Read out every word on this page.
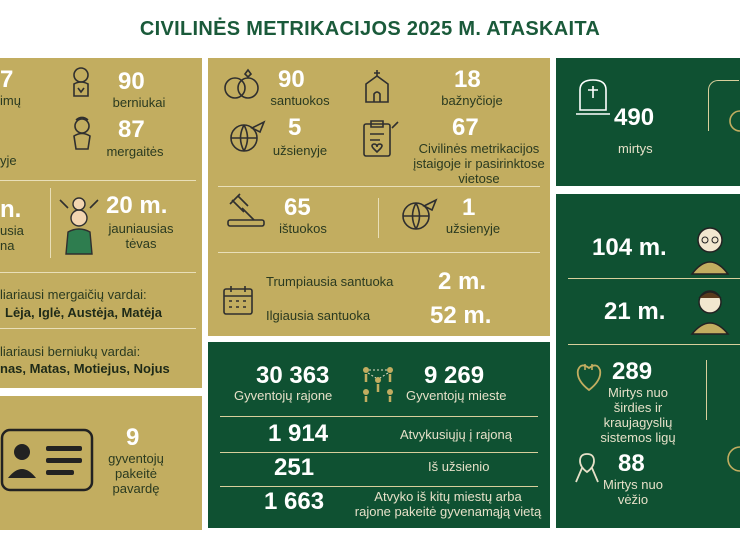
CIVILINĖS METRIKACIJOS 2025 M. ATASKAITA
7
imų
90
berniukai
87
mergaitės
yje
n.
usia
na
20 m.
jauniausias
tėvas
liariausi mergaičių vardai:
Lėja, Iglė, Austėja, Matėja
liariausi berniukų vardai:
nas, Matas, Motiejus, Nojus
9
gyventojų
pakeitė
pavardę
90
santuokos
18
bažnyčioje
5
užsienyje
67
Civilinės metrikacijos
įstaigoje ir pasirinktose
vietose
65
ištuokos
1
užsienyje
Trumpiausia santuoka 2 m.
Ilgiausia santuoka 52 m.
30 363
Gyventojų rajone
9 269
Gyventojų mieste
1 914	Atvykusiųjų į rajoną
251	Iš užsienio
1 663	Atvyko iš kitų miestų arba
rajone pakeitė gyvenamąją vietą
490
mirtys
104 m.
21 m.
289
Mirtys nuo
širdies ir
kraujagyslių
sistemos ligų
88
Mirtys nuo
vėžio
